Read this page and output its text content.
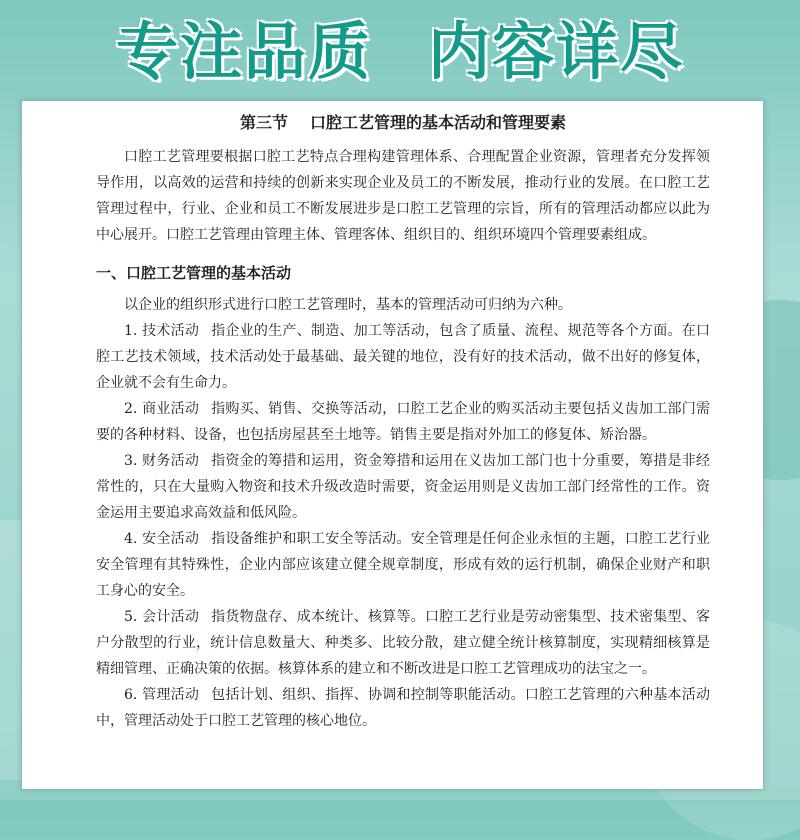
专注品质 内容详尽
第三节 口腔工艺管理的基本活动和管理要素

口腔工艺管理要根据口腔工艺特点合理构建管理体系、合理配置企业资源，管理者充分发挥领导作用，以高效的运营和持续的创新来实现企业及员工的不断发展，推动行业的发展。在口腔工艺管理过程中，行业、企业和员工不断发展进步是口腔工艺管理的宗旨，所有的管理活动都应以此为中心展开。口腔工艺管理由管理主体、管理客体、组织目的、组织环境四个管理要素组成。

一、口腔工艺管理的基本活动

以企业的组织形式进行口腔工艺管理时，基本的管理活动可归纳为六种。

1. 技术活动 指企业的生产、制造、加工等活动，包含了质量、流程、规范等各个方面。在口腔工艺技术领域，技术活动处于最基础、最关键的地位，没有好的技术活动，做不出好的修复体，企业就不会有生命力。

2. 商业活动 指购买、销售、交换等活动，口腔工艺企业的购买活动主要包括义齿加工部门需要的各种材料、设备，也包括房屋甚至土地等。销售主要是指对外加工的修复体、矫治器。

3. 财务活动 指资金的筹措和运用，资金筹措和运用在义齿加工部门也十分重要，筹措是非经常性的，只在大量购入物资和技术升级改造时需要，资金运用则是义齿加工部门经常性的工作。资金运用主要追求高效益和低风险。

4. 安全活动 指设备维护和职工安全等活动。安全管理是任何企业永恒的主题，口腔工艺行业安全管理有其特殊性，企业内部应该建立健全规章制度，形成有效的运行机制，确保企业财产和职工身心的安全。

5. 会计活动 指货物盘存、成本统计、核算等。口腔工艺行业是劳动密集型、技术密集型、客户分散型的行业，统计信息数量大、种类多、比较分散，建立健全统计核算制度，实现精细核算是精细管理、正确决策的依据。核算体系的建立和不断改进是口腔工艺管理成功的法宝之一。

6. 管理活动 包括计划、组织、指挥、协调和控制等职能活动。口腔工艺管理的六种基本活动中，管理活动处于口腔工艺管理的核心地位。
